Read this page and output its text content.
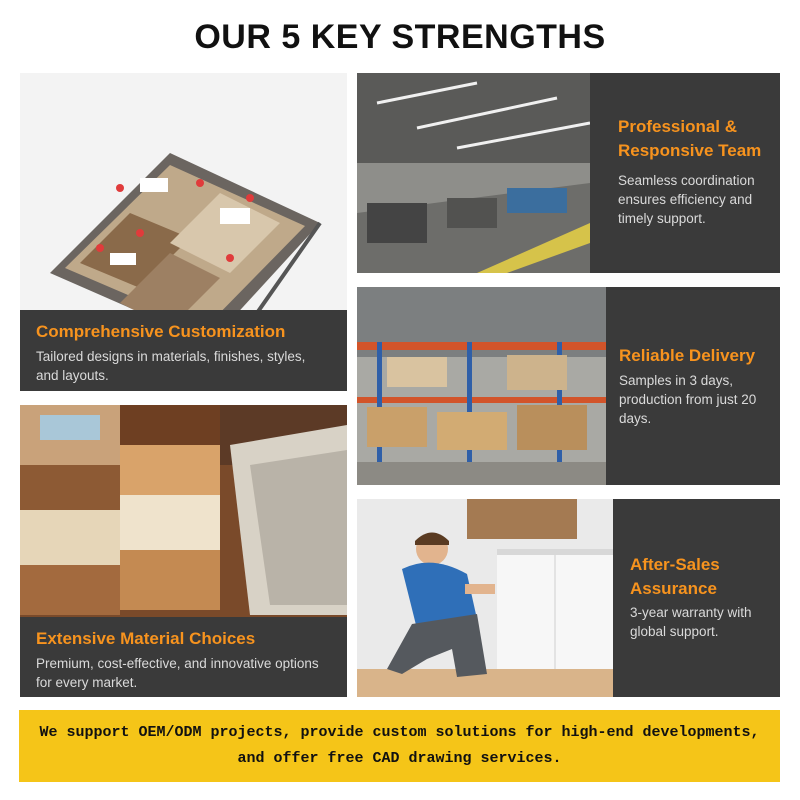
OUR 5 KEY STRENGTHS
Comprehensive Customization
Tailored designs in materials, finishes, styles, and layouts.
Extensive Material Choices
Premium, cost-effective, and innovative options for every market.
Professional & Responsive Team
Seamless coordination ensures efficiency and timely support.
Reliable Delivery
Samples in 3 days, production from just 20 days.
After-Sales Assurance
3-year warranty with global support.
We support OEM/ODM projects, provide custom solutions for high-end developments, and offer free CAD drawing services.
